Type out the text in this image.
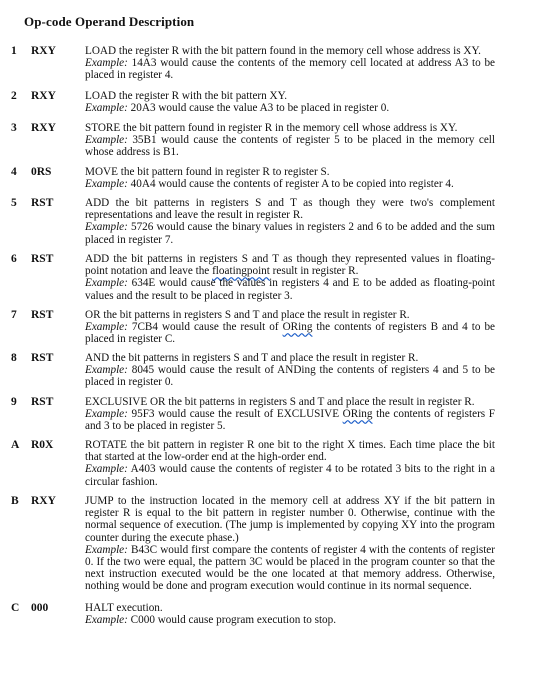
Op-code Operand Description
1 RXY	LOAD the register R with the bit pattern found in the memory cell whose address is XY.

Example: 14A3 would cause the contents of the memory cell located at address A3 to be placed in register 4.

2 RXY	LOAD the register R with the bit pattern XY.

Example: 20A3 would cause the value A3 to be placed in register 0.

3 RXY	STORE the bit pattern found in register R in the memory cell whose address is XY.

Example: 35B1 would cause the contents of register 5 to be placed in the memory cell whose address is B1.

4 0RS	MOVE the bit pattern found in register R to register S.

Example: 40A4 would cause the contents of register A to be copied into register 4.

5 RST	ADD the bit patterns in registers S and T as though they were two's complement representations and leave the result in register R.

Example: 5726 would cause the binary values in registers 2 and 6 to be added and the sum placed in register 7.

6 RST	ADD the bit patterns in registers S and T as though they represented values in floating-point notation and leave the floatingpoint result in register R.

Example: 634E would cause the values in registers 4 and E to be added as floating-point values and the result to be placed in register 3.

7 RST	OR the bit patterns in registers S and T and place the result in register R.

Example: 7CB4 would cause the result of ORing the contents of registers B and 4 to be placed in register C.

8 RST	AND the bit patterns in registers S and T and place the result in register R.

Example: 8045 would cause the result of ANDing the contents of registers 4 and 5 to be placed in register 0.

9 RST	EXCLUSIVE OR the bit patterns in registers S and T and place the result in register R.

Example: 95F3 would cause the result of EXCLUSIVE ORing the contents of registers F and 3 to be placed in register 5.

A R0X	ROTATE the bit pattern in register R one bit to the right X times. Each time place the bit that started at the low-order end at the high-order end.

Example: A403 would cause the contents of register 4 to be rotated 3 bits to the right in a circular fashion.

B RXY	JUMP to the instruction located in the memory cell at address XY if the bit pattern in register R is equal to the bit pattern in register number 0. Otherwise, continue with the normal sequence of execution. (The jump is implemented by copying XY into the program counter during the execute phase.)

Example: B43C would first compare the contents of register 4 with the contents of register 0. If the two were equal, the pattern 3C would be placed in the program counter so that the next instruction executed would be the one located at that memory address. Otherwise, nothing would be done and program execution would continue in its normal sequence.

C 000	HALT execution.

Example: C000 would cause program execution to stop.
